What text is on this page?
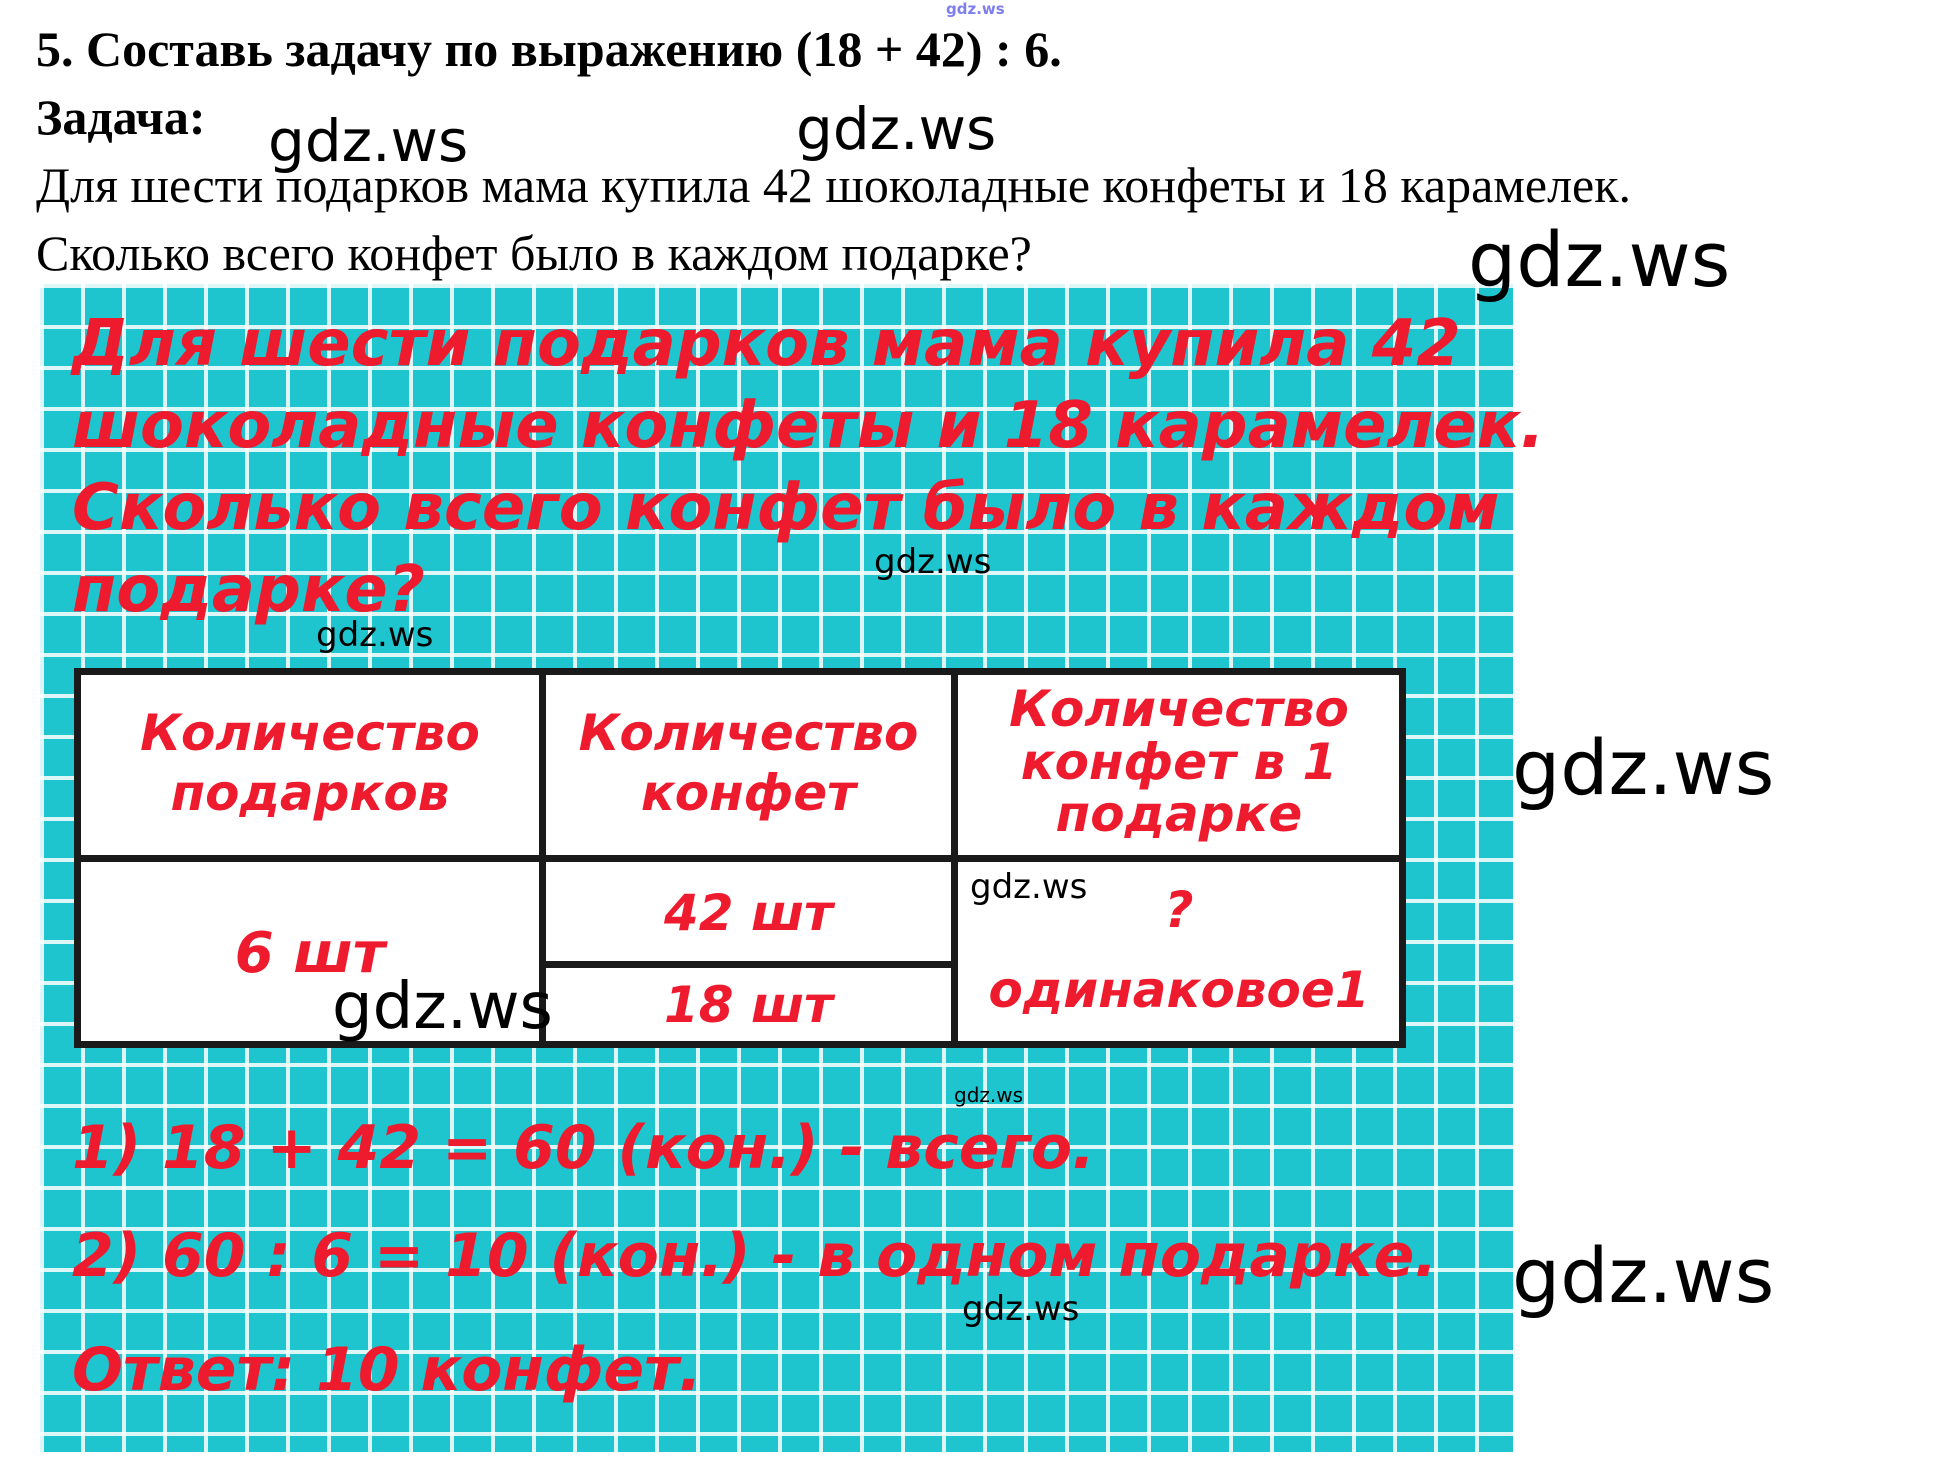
gdz.ws
5. Составь задачу по выражению (18 + 42) : 6.
Задача:
Для шести подарков мама купила 42 шоколадные конфеты и 18 карамелек.
Сколько всего конфет было в каждом подарке?
Для шести подарков мама купила 42
шоколадные конфеты и 18 карамелек.
Сколько всего конфет было в каждом
подарке?
Количество
подарков
Количество
конфет
Количество
конфет в 1
подарке
6 шт
42 шт
18 шт
?
одинаковое1
1) 18 + 42 = 60 (кон.) - всего.
2) 60 : 6 = 10 (кон.) - в одном подарке.
Ответ: 10 конфет.
gdz.ws	gdz.ws
gdz.ws
gdz.ws
gdz.ws
gdz.ws
gdz.ws
gdz.ws
gdz.ws
gdz.ws
gdz.ws
